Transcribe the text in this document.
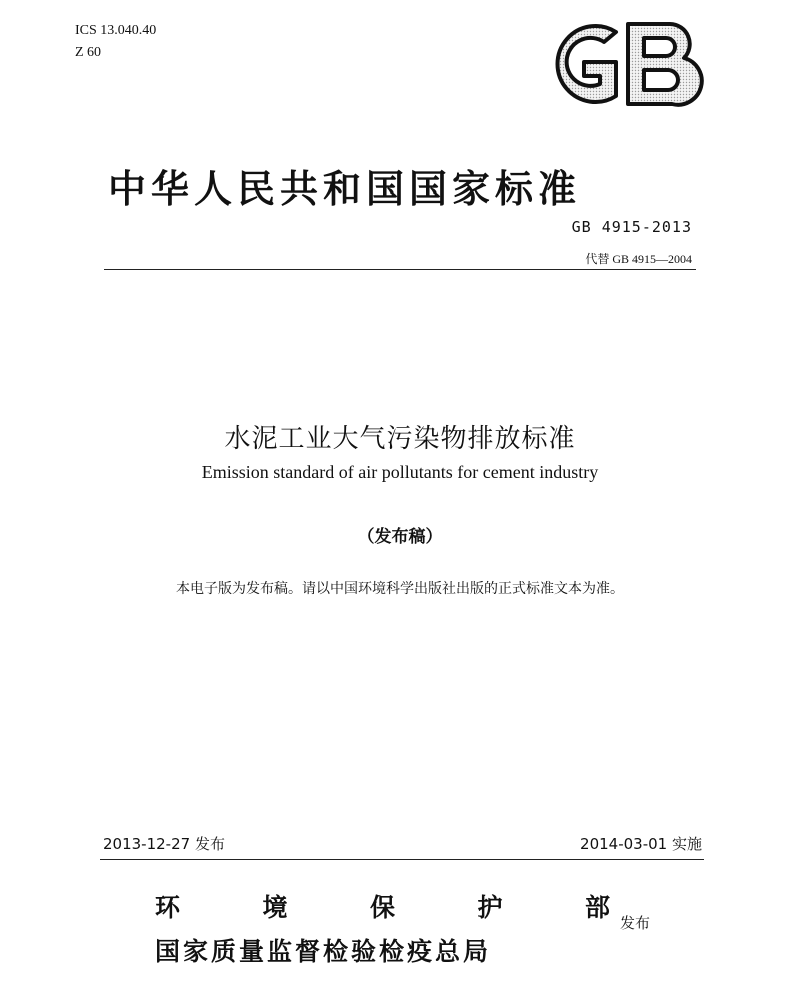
ICS 13.040.40
Z 60
中华人民共和国国家标准
GB 4915-2013
代替 GB 4915—2004
水泥工业大气污染物排放标准
Emission standard of air pollutants for cement industry
（发布稿）
本电子版为发布稿。请以中国环境科学出版社出版的正式标准文本为准。
2013-12-27 发布	2014-03-01 实施
环	境	保	护	部
国家质量监督检验检疫总局
发布
